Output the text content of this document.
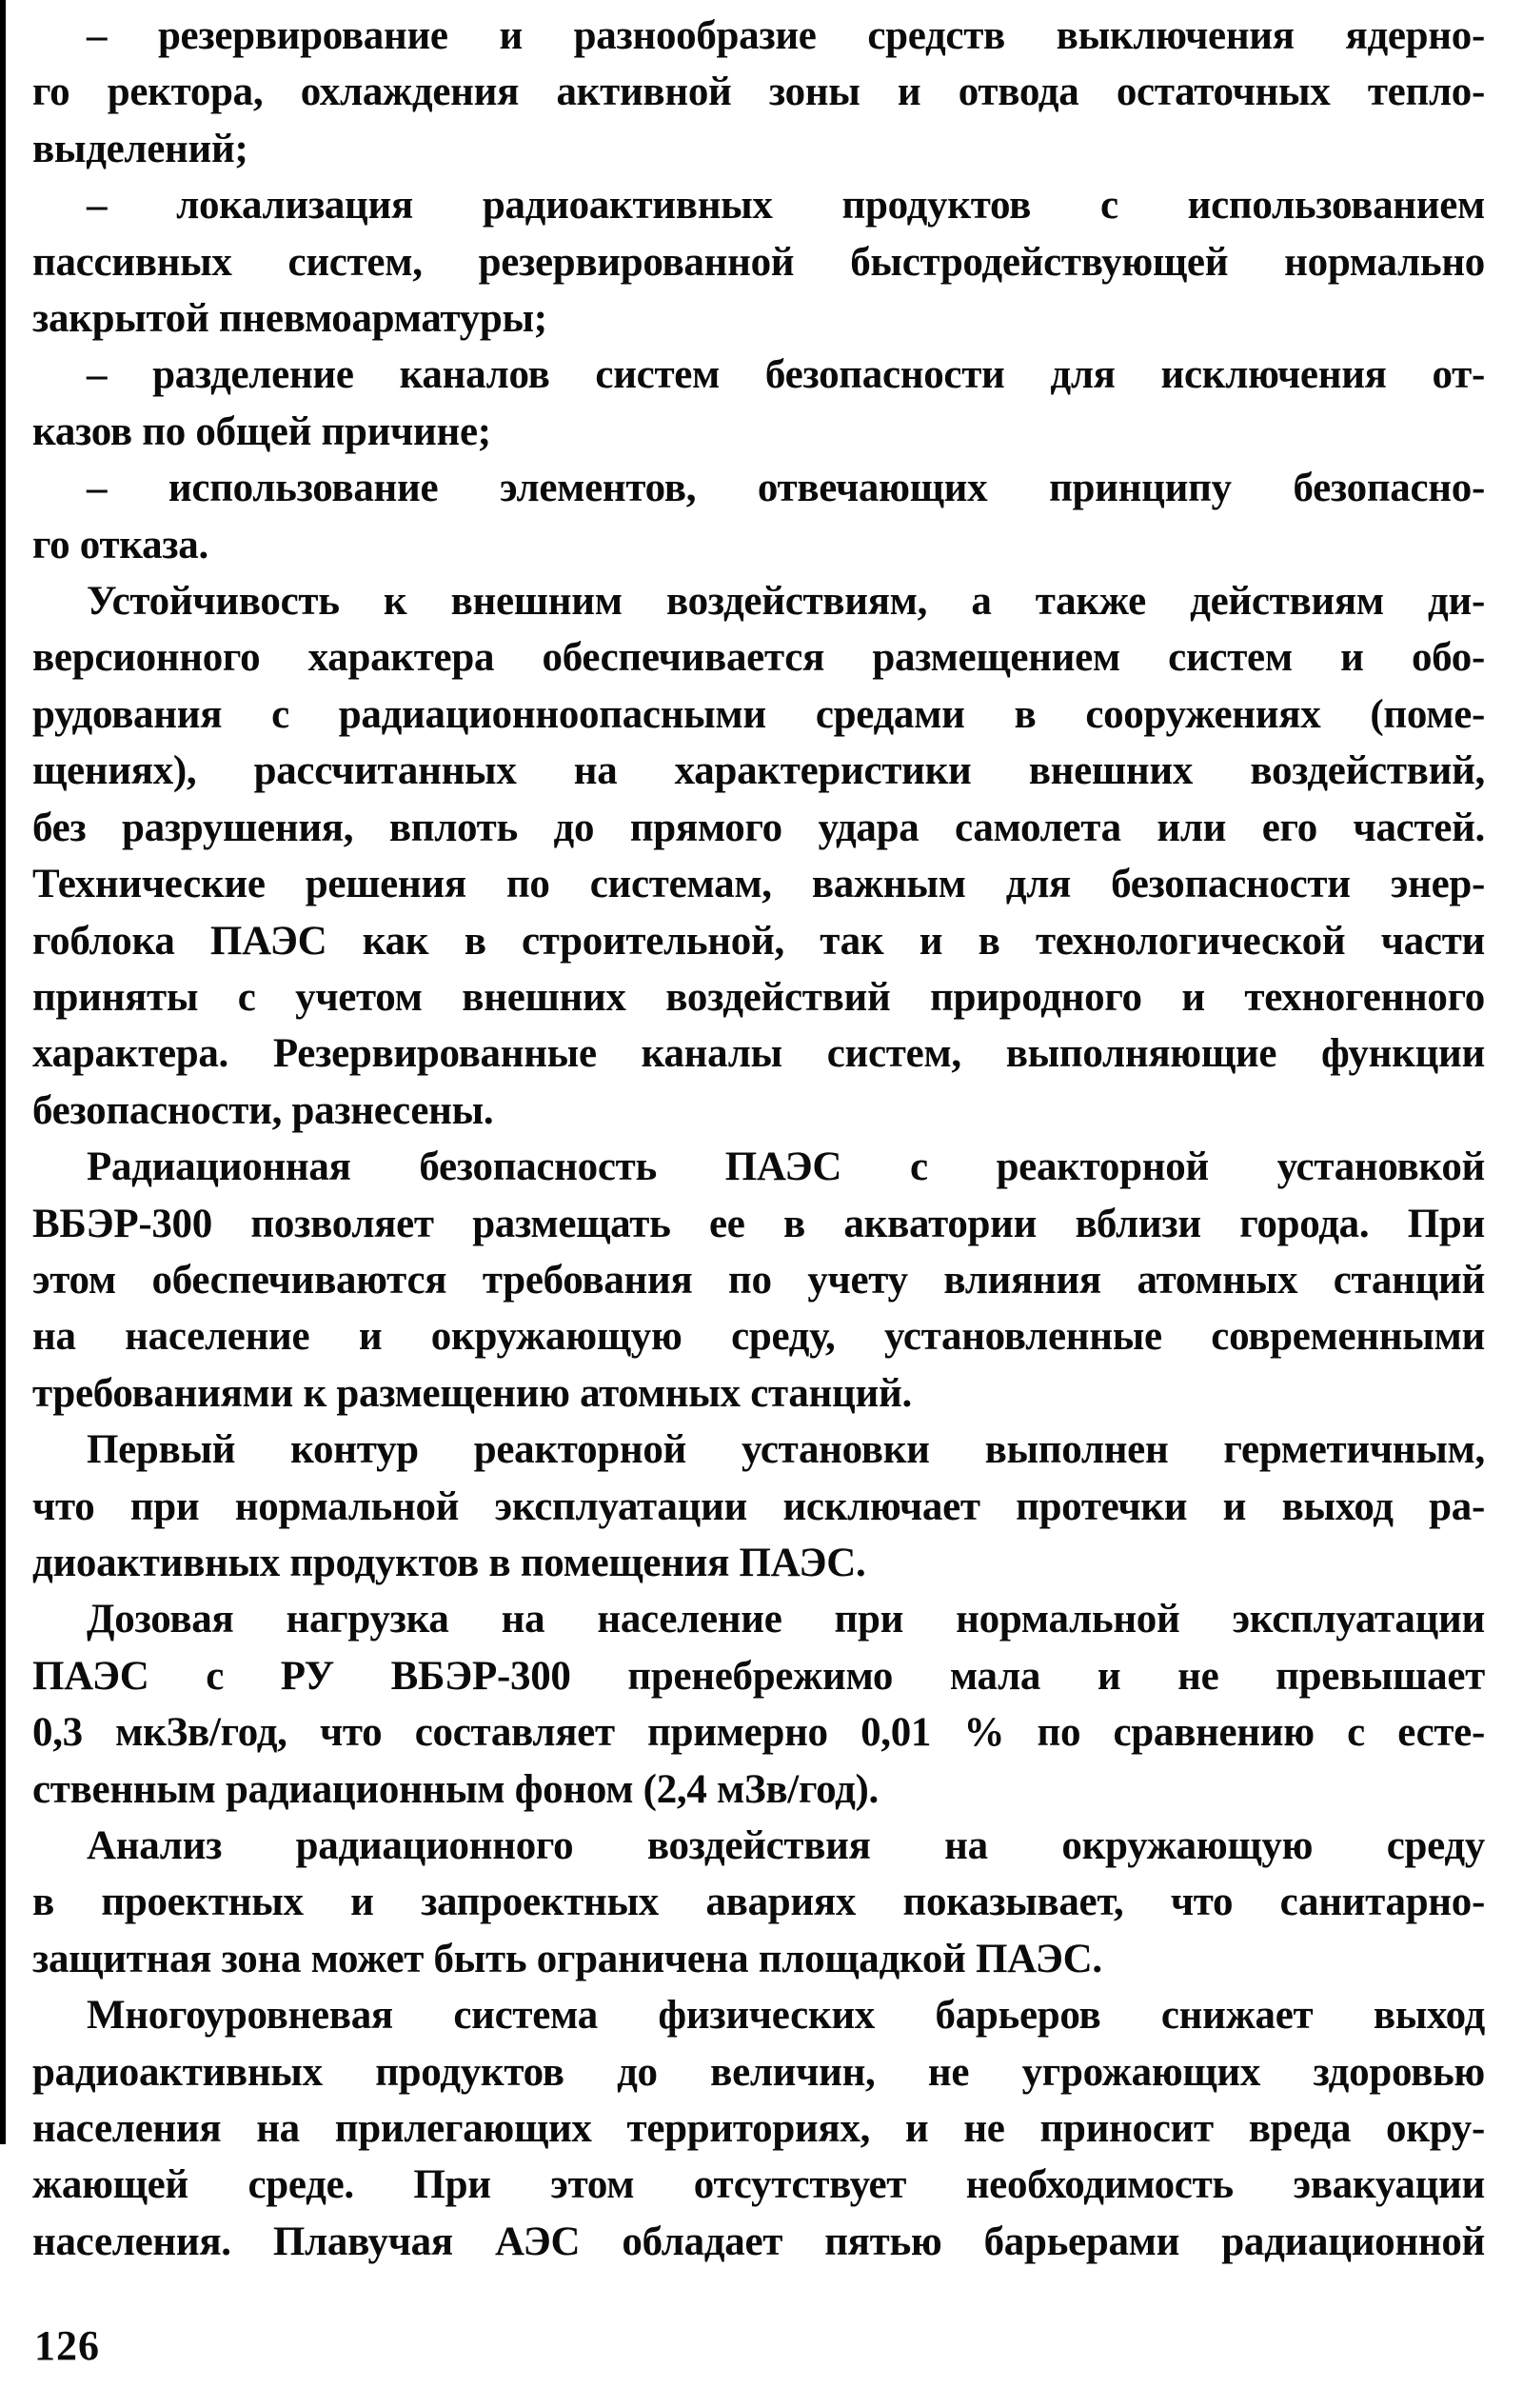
– резервирование и разнообразие средств выключения ядерно-
го ректора, охлаждения активной зоны и отвода остаточных тепло-
выделений;
– локализация радиоактивных продуктов с использованием
пассивных систем, резервированной быстродействующей нормально
закрытой пневмоарматуры;
– разделение каналов систем безопасности для исключения от-
казов по общей причине;
– использование элементов, отвечающих принципу безопасно-
го отказа.
Устойчивость к внешним воздействиям, а также действиям ди-
версионного характера обеспечивается размещением систем и обо-
рудования с радиационноопасными средами в сооружениях (поме-
щениях), рассчитанных на характеристики внешних воздействий,
без разрушения, вплоть до прямого удара самолета или его частей.
Технические решения по системам, важным для безопасности энер-
гоблока ПАЭС как в строительной, так и в технологической части
приняты с учетом внешних воздействий природного и техногенного
характера. Резервированные каналы систем, выполняющие функции
безопасности, разнесены.
Радиационная безопасность ПАЭС с реакторной установкой
ВБЭР-300 позволяет размещать ее в акватории вблизи города. При
этом обеспечиваются требования по учету влияния атомных станций
на население и окружающую среду, установленные современными
требованиями к размещению атомных станций.
Первый контур реакторной установки выполнен герметичным,
что при нормальной эксплуатации исключает протечки и выход ра-
диоактивных продуктов в помещения ПАЭС.
Дозовая нагрузка на население при нормальной эксплуатации
ПАЭС с РУ ВБЭР-300 пренебрежимо мала и не превышает
0,3 мкЗв/год, что составляет примерно 0,01 % по сравнению с есте-
ственным радиационным фоном (2,4 мЗв/год).
Анализ радиационного воздействия на окружающую среду
в проектных и запроектных авариях показывает, что санитарно-
защитная зона может быть ограничена площадкой ПАЭС.
Многоуровневая система физических барьеров снижает выход
радиоактивных продуктов до величин, не угрожающих здоровью
населения на прилегающих территориях, и не приносит вреда окру-
жающей среде. При этом отсутствует необходимость эвакуации
населения. Плавучая АЭС обладает пятью барьерами радиационной
126
